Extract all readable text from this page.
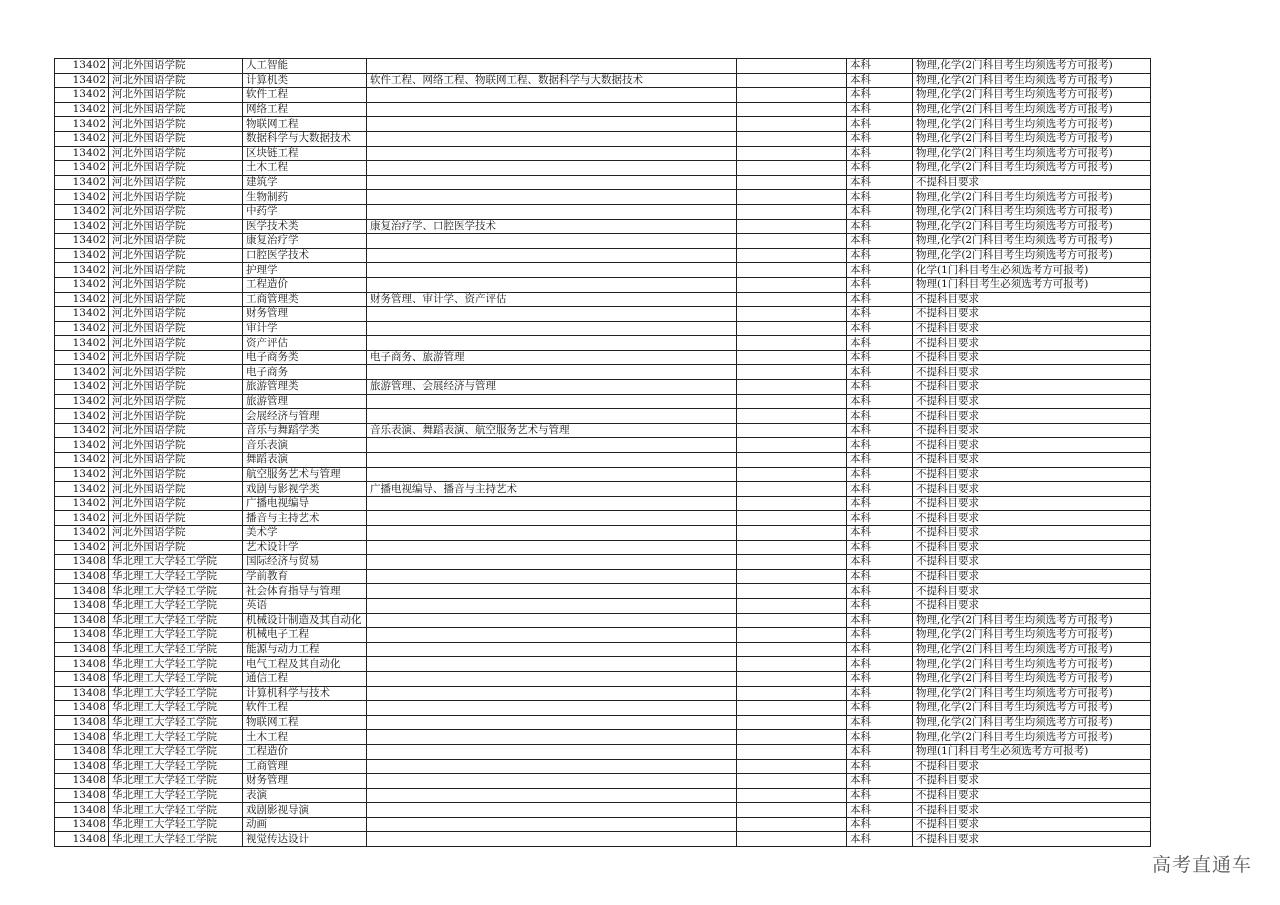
13402	河北外国语学院	人工智能			本科	物理,化学(2门科目考生均须选考方可报考)
13402	河北外国语学院	计算机类	软件工程、网络工程、物联网工程、数据科学与大数据技术		本科	物理,化学(2门科目考生均须选考方可报考)
13402	河北外国语学院	软件工程			本科	物理,化学(2门科目考生均须选考方可报考)
13402	河北外国语学院	网络工程			本科	物理,化学(2门科目考生均须选考方可报考)
13402	河北外国语学院	物联网工程			本科	物理,化学(2门科目考生均须选考方可报考)
13402	河北外国语学院	数据科学与大数据技术			本科	物理,化学(2门科目考生均须选考方可报考)
13402	河北外国语学院	区块链工程			本科	物理,化学(2门科目考生均须选考方可报考)
13402	河北外国语学院	土木工程			本科	物理,化学(2门科目考生均须选考方可报考)
13402	河北外国语学院	建筑学			本科	不提科目要求
13402	河北外国语学院	生物制药			本科	物理,化学(2门科目考生均须选考方可报考)
13402	河北外国语学院	中药学			本科	物理,化学(2门科目考生均须选考方可报考)
13402	河北外国语学院	医学技术类	康复治疗学、口腔医学技术		本科	物理,化学(2门科目考生均须选考方可报考)
13402	河北外国语学院	康复治疗学			本科	物理,化学(2门科目考生均须选考方可报考)
13402	河北外国语学院	口腔医学技术			本科	物理,化学(2门科目考生均须选考方可报考)
13402	河北外国语学院	护理学			本科	化学(1门科目考生必须选考方可报考)
13402	河北外国语学院	工程造价			本科	物理(1门科目考生必须选考方可报考)
13402	河北外国语学院	工商管理类	财务管理、审计学、资产评估		本科	不提科目要求
13402	河北外国语学院	财务管理			本科	不提科目要求
13402	河北外国语学院	审计学			本科	不提科目要求
13402	河北外国语学院	资产评估			本科	不提科目要求
13402	河北外国语学院	电子商务类	电子商务、旅游管理		本科	不提科目要求
13402	河北外国语学院	电子商务			本科	不提科目要求
13402	河北外国语学院	旅游管理类	旅游管理、会展经济与管理		本科	不提科目要求
13402	河北外国语学院	旅游管理			本科	不提科目要求
13402	河北外国语学院	会展经济与管理			本科	不提科目要求
13402	河北外国语学院	音乐与舞蹈学类	音乐表演、舞蹈表演、航空服务艺术与管理		本科	不提科目要求
13402	河北外国语学院	音乐表演			本科	不提科目要求
13402	河北外国语学院	舞蹈表演			本科	不提科目要求
13402	河北外国语学院	航空服务艺术与管理			本科	不提科目要求
13402	河北外国语学院	戏剧与影视学类	广播电视编导、播音与主持艺术		本科	不提科目要求
13402	河北外国语学院	广播电视编导			本科	不提科目要求
13402	河北外国语学院	播音与主持艺术			本科	不提科目要求
13402	河北外国语学院	美术学			本科	不提科目要求
13402	河北外国语学院	艺术设计学			本科	不提科目要求
13408	华北理工大学轻工学院	国际经济与贸易			本科	不提科目要求
13408	华北理工大学轻工学院	学前教育			本科	不提科目要求
13408	华北理工大学轻工学院	社会体育指导与管理			本科	不提科目要求
13408	华北理工大学轻工学院	英语			本科	不提科目要求
13408	华北理工大学轻工学院	机械设计制造及其自动化			本科	物理,化学(2门科目考生均须选考方可报考)
13408	华北理工大学轻工学院	机械电子工程			本科	物理,化学(2门科目考生均须选考方可报考)
13408	华北理工大学轻工学院	能源与动力工程			本科	物理,化学(2门科目考生均须选考方可报考)
13408	华北理工大学轻工学院	电气工程及其自动化			本科	物理,化学(2门科目考生均须选考方可报考)
13408	华北理工大学轻工学院	通信工程			本科	物理,化学(2门科目考生均须选考方可报考)
13408	华北理工大学轻工学院	计算机科学与技术			本科	物理,化学(2门科目考生均须选考方可报考)
13408	华北理工大学轻工学院	软件工程			本科	物理,化学(2门科目考生均须选考方可报考)
13408	华北理工大学轻工学院	物联网工程			本科	物理,化学(2门科目考生均须选考方可报考)
13408	华北理工大学轻工学院	土木工程			本科	物理,化学(2门科目考生均须选考方可报考)
13408	华北理工大学轻工学院	工程造价			本科	物理(1门科目考生必须选考方可报考)
13408	华北理工大学轻工学院	工商管理			本科	不提科目要求
13408	华北理工大学轻工学院	财务管理			本科	不提科目要求
13408	华北理工大学轻工学院	表演			本科	不提科目要求
13408	华北理工大学轻工学院	戏剧影视导演			本科	不提科目要求
13408	华北理工大学轻工学院	动画			本科	不提科目要求
13408	华北理工大学轻工学院	视觉传达设计			本科	不提科目要求
高考直通车
